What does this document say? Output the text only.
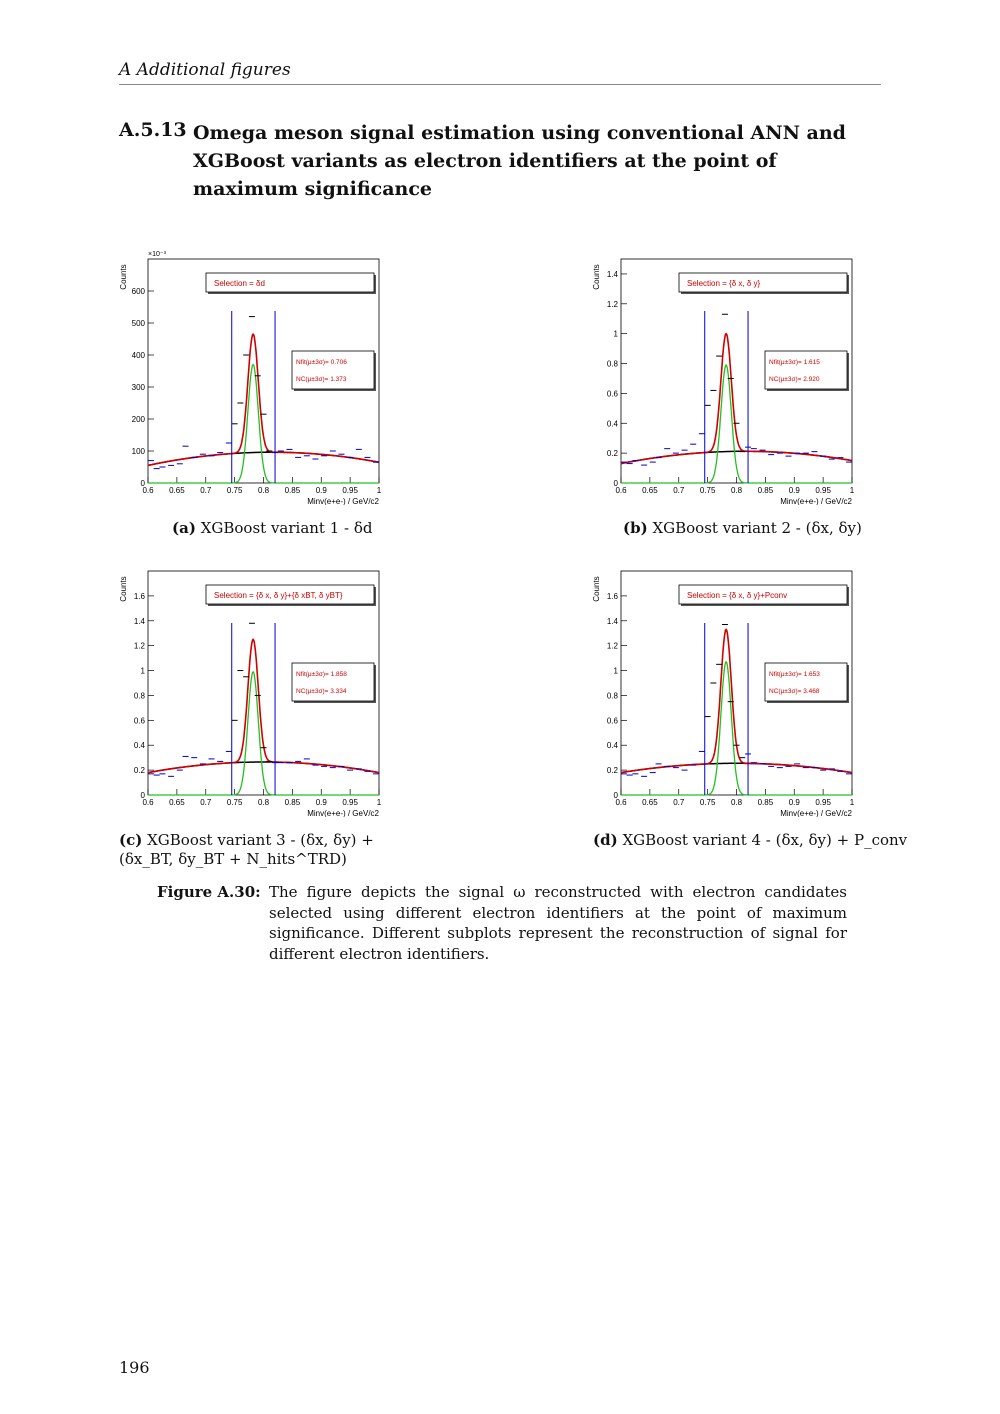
A Additional figures
A.5.13 Omega meson signal estimation using conventional ANN and XGBoost variants as electron identifiers at the point of maximum significance
0
100
200
300
400
500
600
0.6 0.65 0.7 0.75 0.8 0.85 0.9 0.95 1
Minv(e+e-) / GeV/c2
Counts
×10⁻³
Selection = δd
Nfit(μ±3σ)= 0.706
NC(μ±3σ)= 1.373
0
0.2
0.4
0.6
0.8
1
1.2
1.4
0.6 0.65 0.7 0.75 0.8 0.85 0.9 0.95 1
Minv(e+e-) / GeV/c2
Counts	Selection = {δ x, δ y}
Nfit(μ±3σ)= 1.615
NC(μ±3σ)= 2.920
0
0.2
0.4
0.6
0.8
1
1.2
1.4
1.6
0.6 0.65 0.7 0.75 0.8 0.85 0.9 0.95 1
Minv(e+e-) / GeV/c2
Counts	Selection = {δ x, δ y}+{δ xBT, δ yBT}
Nfit(μ±3σ)= 1.858
NC(μ±3σ)= 3.334
0
0.2
0.4
0.6
0.8
1
1.2
1.4
1.6
0.6 0.65 0.7 0.75 0.8 0.85 0.9 0.95 1
Minv(e+e-) / GeV/c2
Counts	Selection = {δ x, δ y}+Pconv
Nfit(μ±3σ)= 1.653
NC(μ±3σ)= 3.468
(a) XGBoost variant 1 - δd	(b) XGBoost variant 2 - (δx, δy)
(c) XGBoost variant 3 - (δx, δy) + (δx_BT, δy_BT + N_hits^TRD)
(d) XGBoost variant 4 - (δx, δy) + P_conv
Figure A.30: The figure depicts the signal ω reconstructed with electron candidates selected using different electron identifiers at the point of maximum significance. Different subplots represent the reconstruction of signal for different electron identifiers.
196
